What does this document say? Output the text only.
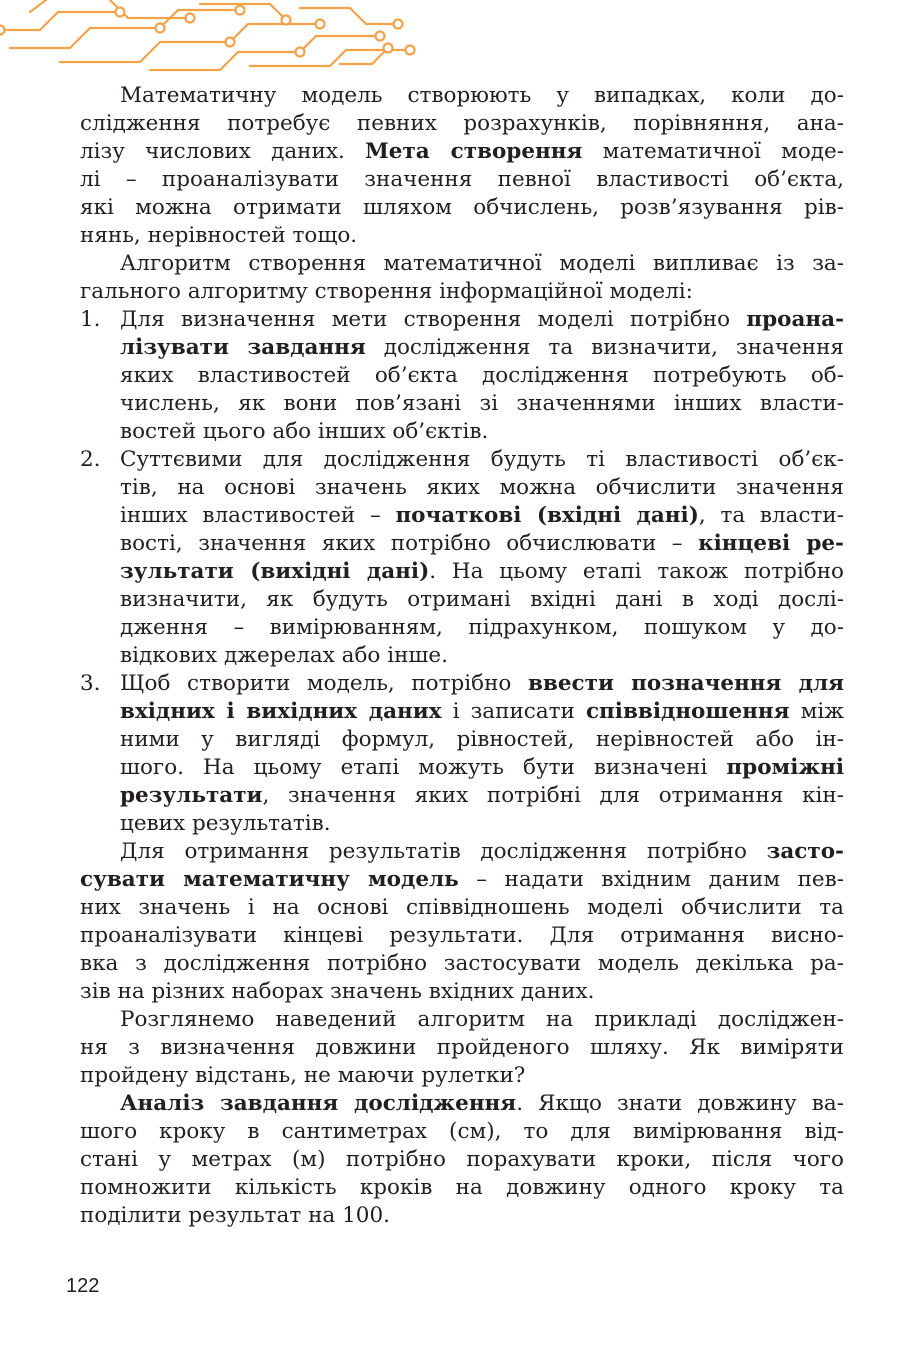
Математичну модель створюють у випадках, коли до-
слідження потребує певних розрахунків, порівняння, ана-
лізу числових даних. Мета створення математичної моде-
лі – проаналізувати значення певної властивості об’єкта,
які можна отримати шляхом обчислень, розв’язування рів-
нянь, нерівностей тощо.
Алгоритм створення математичної моделі випливає із за-
гального алгоритму створення інформаційної моделі:
1. Для визначення мети створення моделі потрібно проана-
лізувати завдання дослідження та визначити, значення
яких властивостей об’єкта дослідження потребують об-
числень, як вони пов’язані зі значеннями інших власти-
востей цього або інших об’єктів.
2. Суттєвими для дослідження будуть ті властивості об’єк-
тів, на основі значень яких можна обчислити значення
інших властивостей – початкові (вхідні дані), та власти-
вості, значення яких потрібно обчислювати – кінцеві ре-
зультати (вихідні дані). На цьому етапі також потрібно
визначити, як будуть отримані вхідні дані в ході дослі-
дження – вимірюванням, підрахунком, пошуком у до-
відкових джерелах або інше.
3. Щоб створити модель, потрібно ввести позначення для
вхідних і вихідних даних і записати співвідношення між
ними у вигляді формул, рівностей, нерівностей або ін-
шого. На цьому етапі можуть бути визначені проміжні
результати, значення яких потрібні для отримання кін-
цевих результатів.
Для отримання результатів дослідження потрібно засто-
сувати математичну модель – надати вхідним даним пев-
них значень і на основі співвідношень моделі обчислити та
проаналізувати кінцеві результати. Для отримання висно-
вка з дослідження потрібно застосувати модель декілька ра-
зів на різних наборах значень вхідних даних.
Розглянемо наведений алгоритм на прикладі досліджен-
ня з визначення довжини пройденого шляху. Як виміряти
пройдену відстань, не маючи рулетки?
Аналіз завдання дослідження. Якщо знати довжину ва-
шого кроку в сантиметрах (см), то для вимірювання від-
стані у метрах (м) потрібно порахувати кроки, після чого
помножити кількість кроків на довжину одного кроку та
поділити результат на 100.
122
